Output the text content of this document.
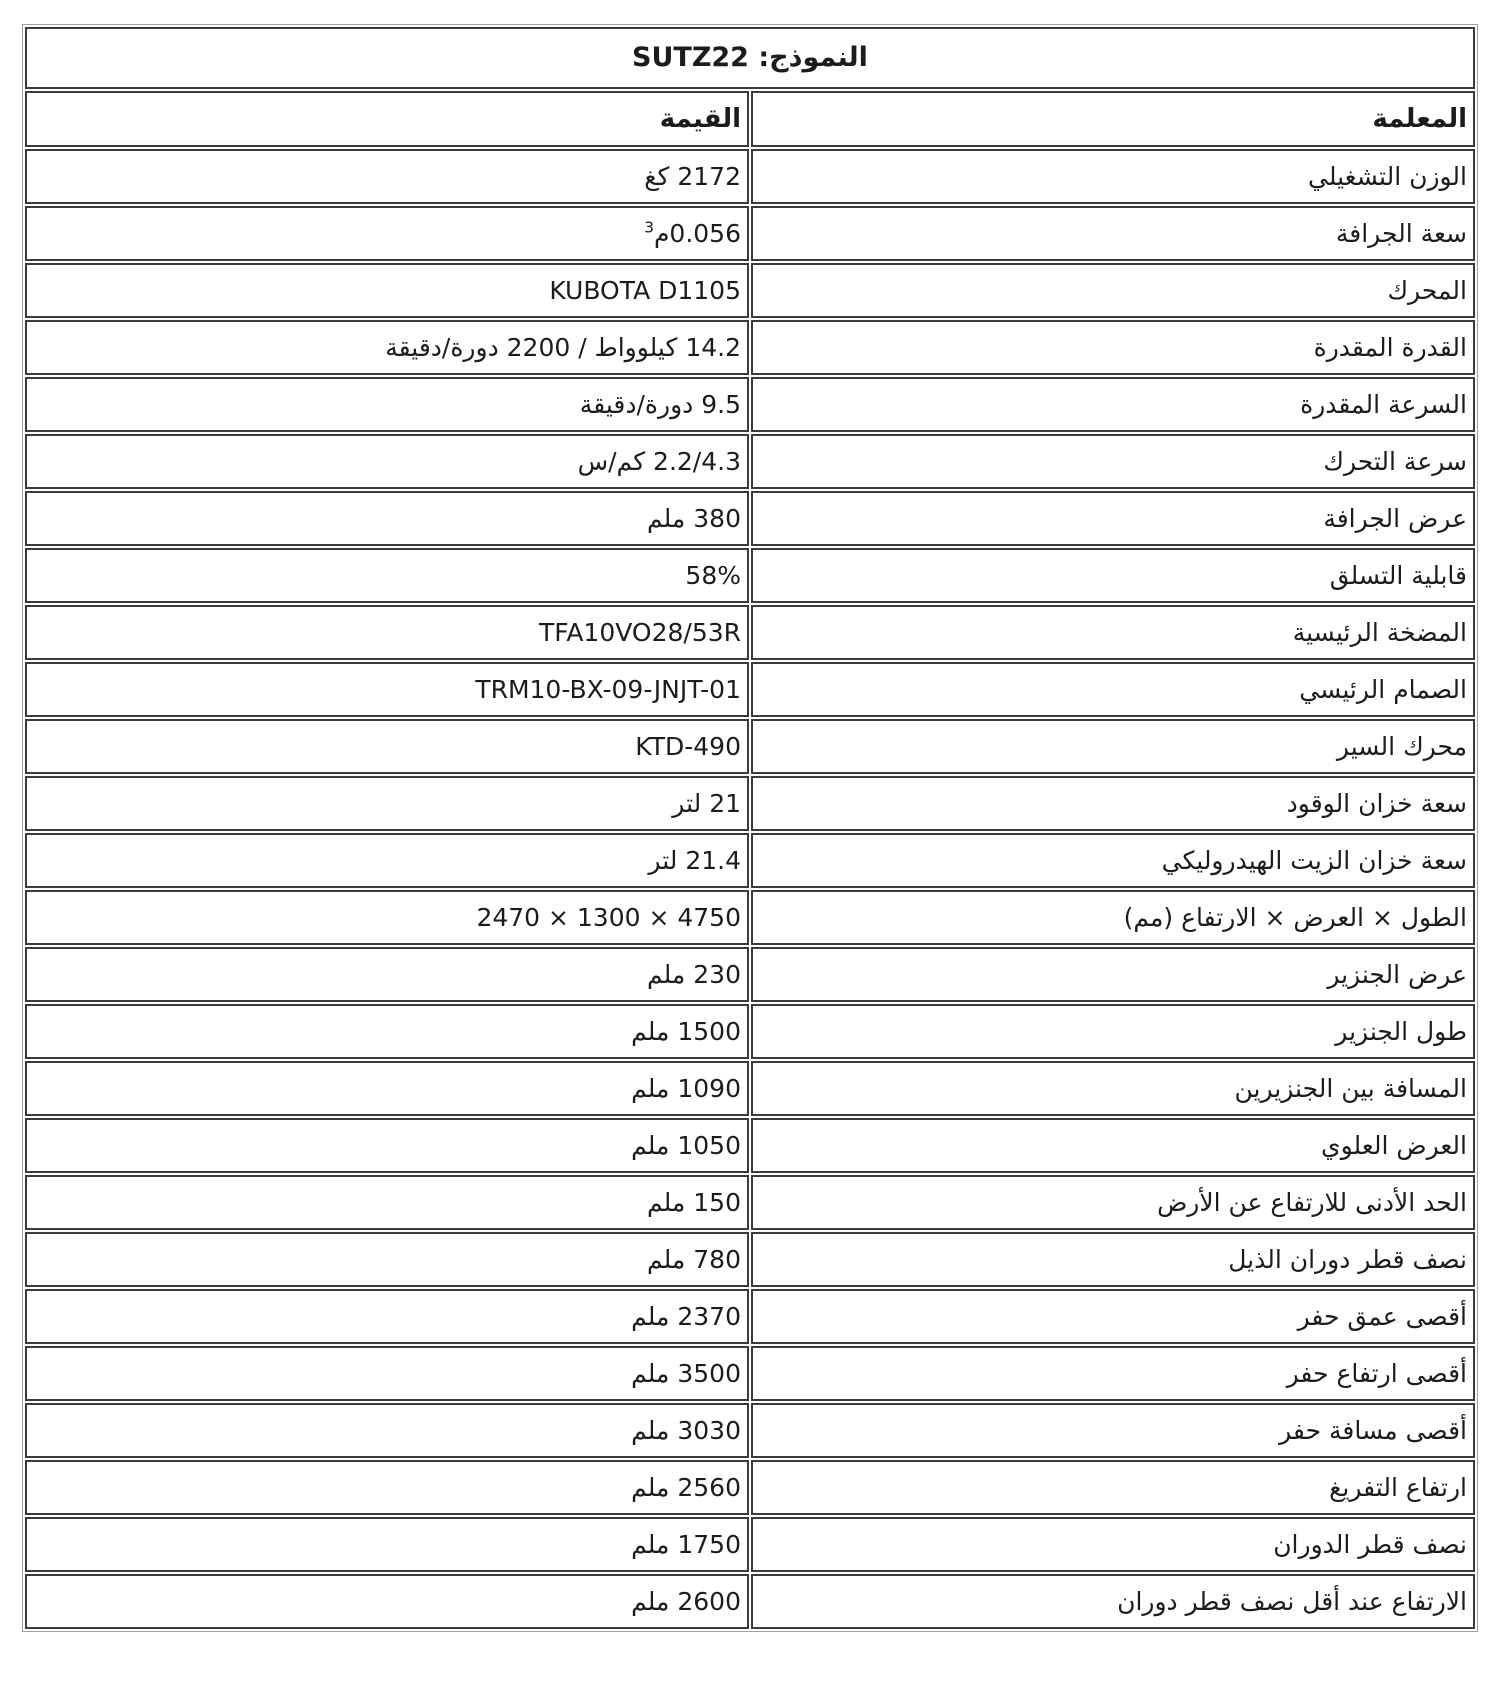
النموذج: SUTZ22	
المعلمة	القيمة
الوزن التشغيلي	2172 كغ
سعة الجرافة	0.056م$^3$
المحرك	KUBOTA D1105
القدرة المقدرة	14.2 كيلوواط / 2200 دورة/دقيقة
السرعة المقدرة	9.5 دورة/دقيقة
سرعة التحرك	2.2/4.3 كم/س
عرض الجرافة	380 ملم
قابلية التسلق	58%
المضخة الرئيسية	TFA10VO28/53R
الصمام الرئيسي	TRM10-BX-09-JNJT-01
محرك السير	KTD-490
سعة خزان الوقود	21 لتر
سعة خزان الزيت الهيدروليكي	21.4 لتر
الطول × العرض × الارتفاع (مم)	4750 × 1300 × 2470
عرض الجنزير	230 ملم
طول الجنزير	1500 ملم
المسافة بين الجنزيرين	1090 ملم
العرض العلوي	1050 ملم
الحد الأدنى للارتفاع عن الأرض	150 ملم
نصف قطر دوران الذيل	780 ملم
أقصى عمق حفر	2370 ملم
أقصى ارتفاع حفر	3500 ملم
أقصى مسافة حفر	3030 ملم
ارتفاع التفريغ	2560 ملم
نصف قطر الدوران	1750 ملم
الارتفاع عند أقل نصف قطر دوران	2600 ملم
